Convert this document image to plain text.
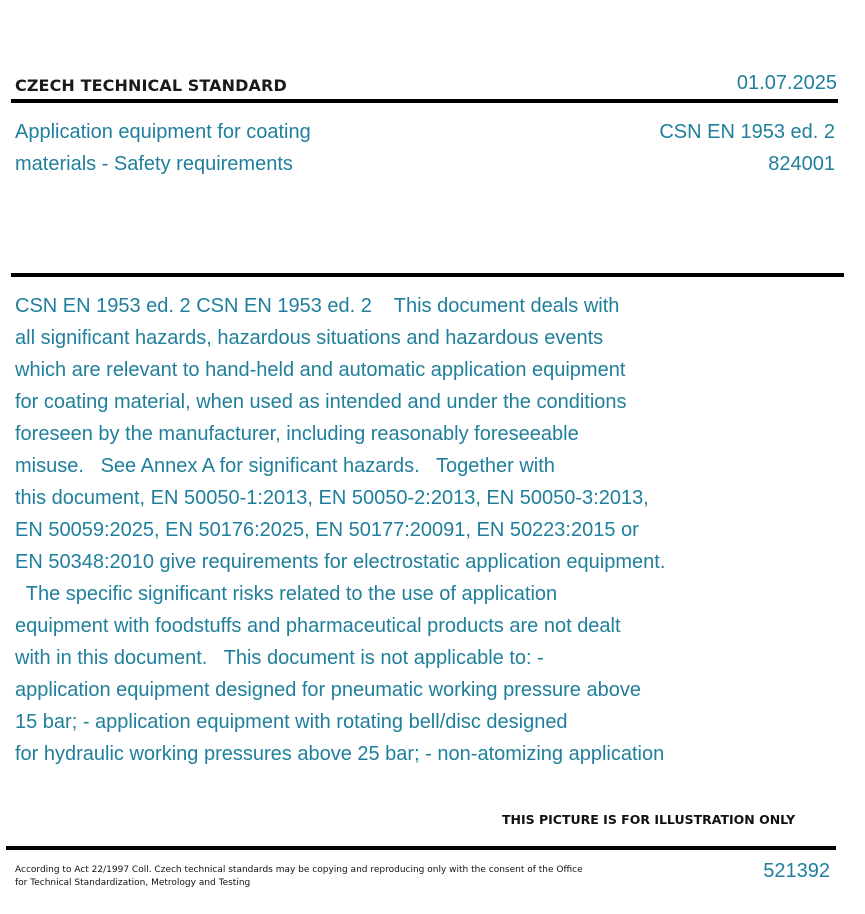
CZECH TECHNICAL STANDARD	01.07.2025
Application equipment for coating
materials - Safety requirements
CSN EN 1953 ed. 2
824001
CSN EN 1953 ed. 2 CSN EN 1953 ed. 2    This document deals with
all significant hazards, hazardous situations and hazardous events
which are relevant to hand-held and automatic application equipment
for coating material, when used as intended and under the conditions
foreseen by the manufacturer, including reasonably foreseeable
misuse.   See Annex A for significant hazards.   Together with
this document, EN 50050-1:2013, EN 50050-2:2013, EN 50050-3:2013,
EN 50059:2025, EN 50176:2025, EN 50177:20091, EN 50223:2015 or
EN 50348:2010 give requirements for electrostatic application equipment.
The specific significant risks related to the use of application
equipment with foodstuffs and pharmaceutical products are not dealt
with in this document.   This document is not applicable to: -
application equipment designed for pneumatic working pressure above
15 bar; - application equipment with rotating bell/disc designed
for hydraulic working pressures above 25 bar; - non-atomizing application
THIS PICTURE IS FOR ILLUSTRATION ONLY
According to Act 22/1997 Coll. Czech technical standards may be copying and reproducing only with the consent of the Office
for Technical Standardization, Metrology and Testing
521392
